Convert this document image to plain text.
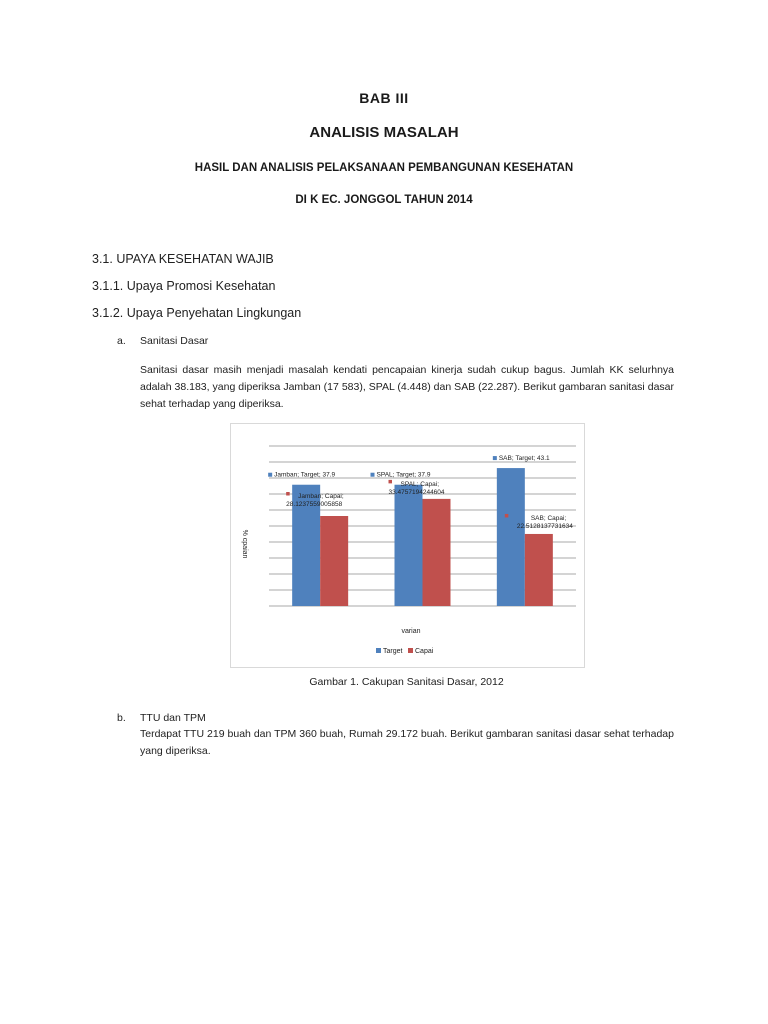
BAB III
ANALISIS MASALAH
HASIL DAN ANALISIS PELAKSANAAN PEMBANGUNAN KESEHATAN
DI K EC. JONGGOL TAHUN 2014
3.1. UPAYA KESEHATAN WAJIB
3.1.1. Upaya Promosi Kesehatan
3.1.2. Upaya Penyehatan Lingkungan
a. Sanitasi Dasar
Sanitasi dasar masih menjadi masalah kendati pencapaian kinerja sudah cukup bagus. Jumlah KK selurhnya adalah 38.183, yang diperiksa Jamban (17 583), SPAL (4.448) dan SAB (22.287). Berikut gambaran sanitasi dasar sehat terhadap yang diperiksa.
Jamban; Target; 37.9
Jamban; Capai;
28.1237559005858
SPAL; Target; 37.9
SPAL; Capai;
33.4757194244604
SAB; Target; 43.1
SAB; Capai;
22.5128137731634
varian
% cpaian
Target Capai
Gambar 1. Cakupan Sanitasi Dasar, 2012
b. TTU dan TPM
Terdapat TTU 219 buah dan TPM 360 buah, Rumah 29.172 buah. Berikut gambaran sanitasi dasar sehat terhadap yang diperiksa.
